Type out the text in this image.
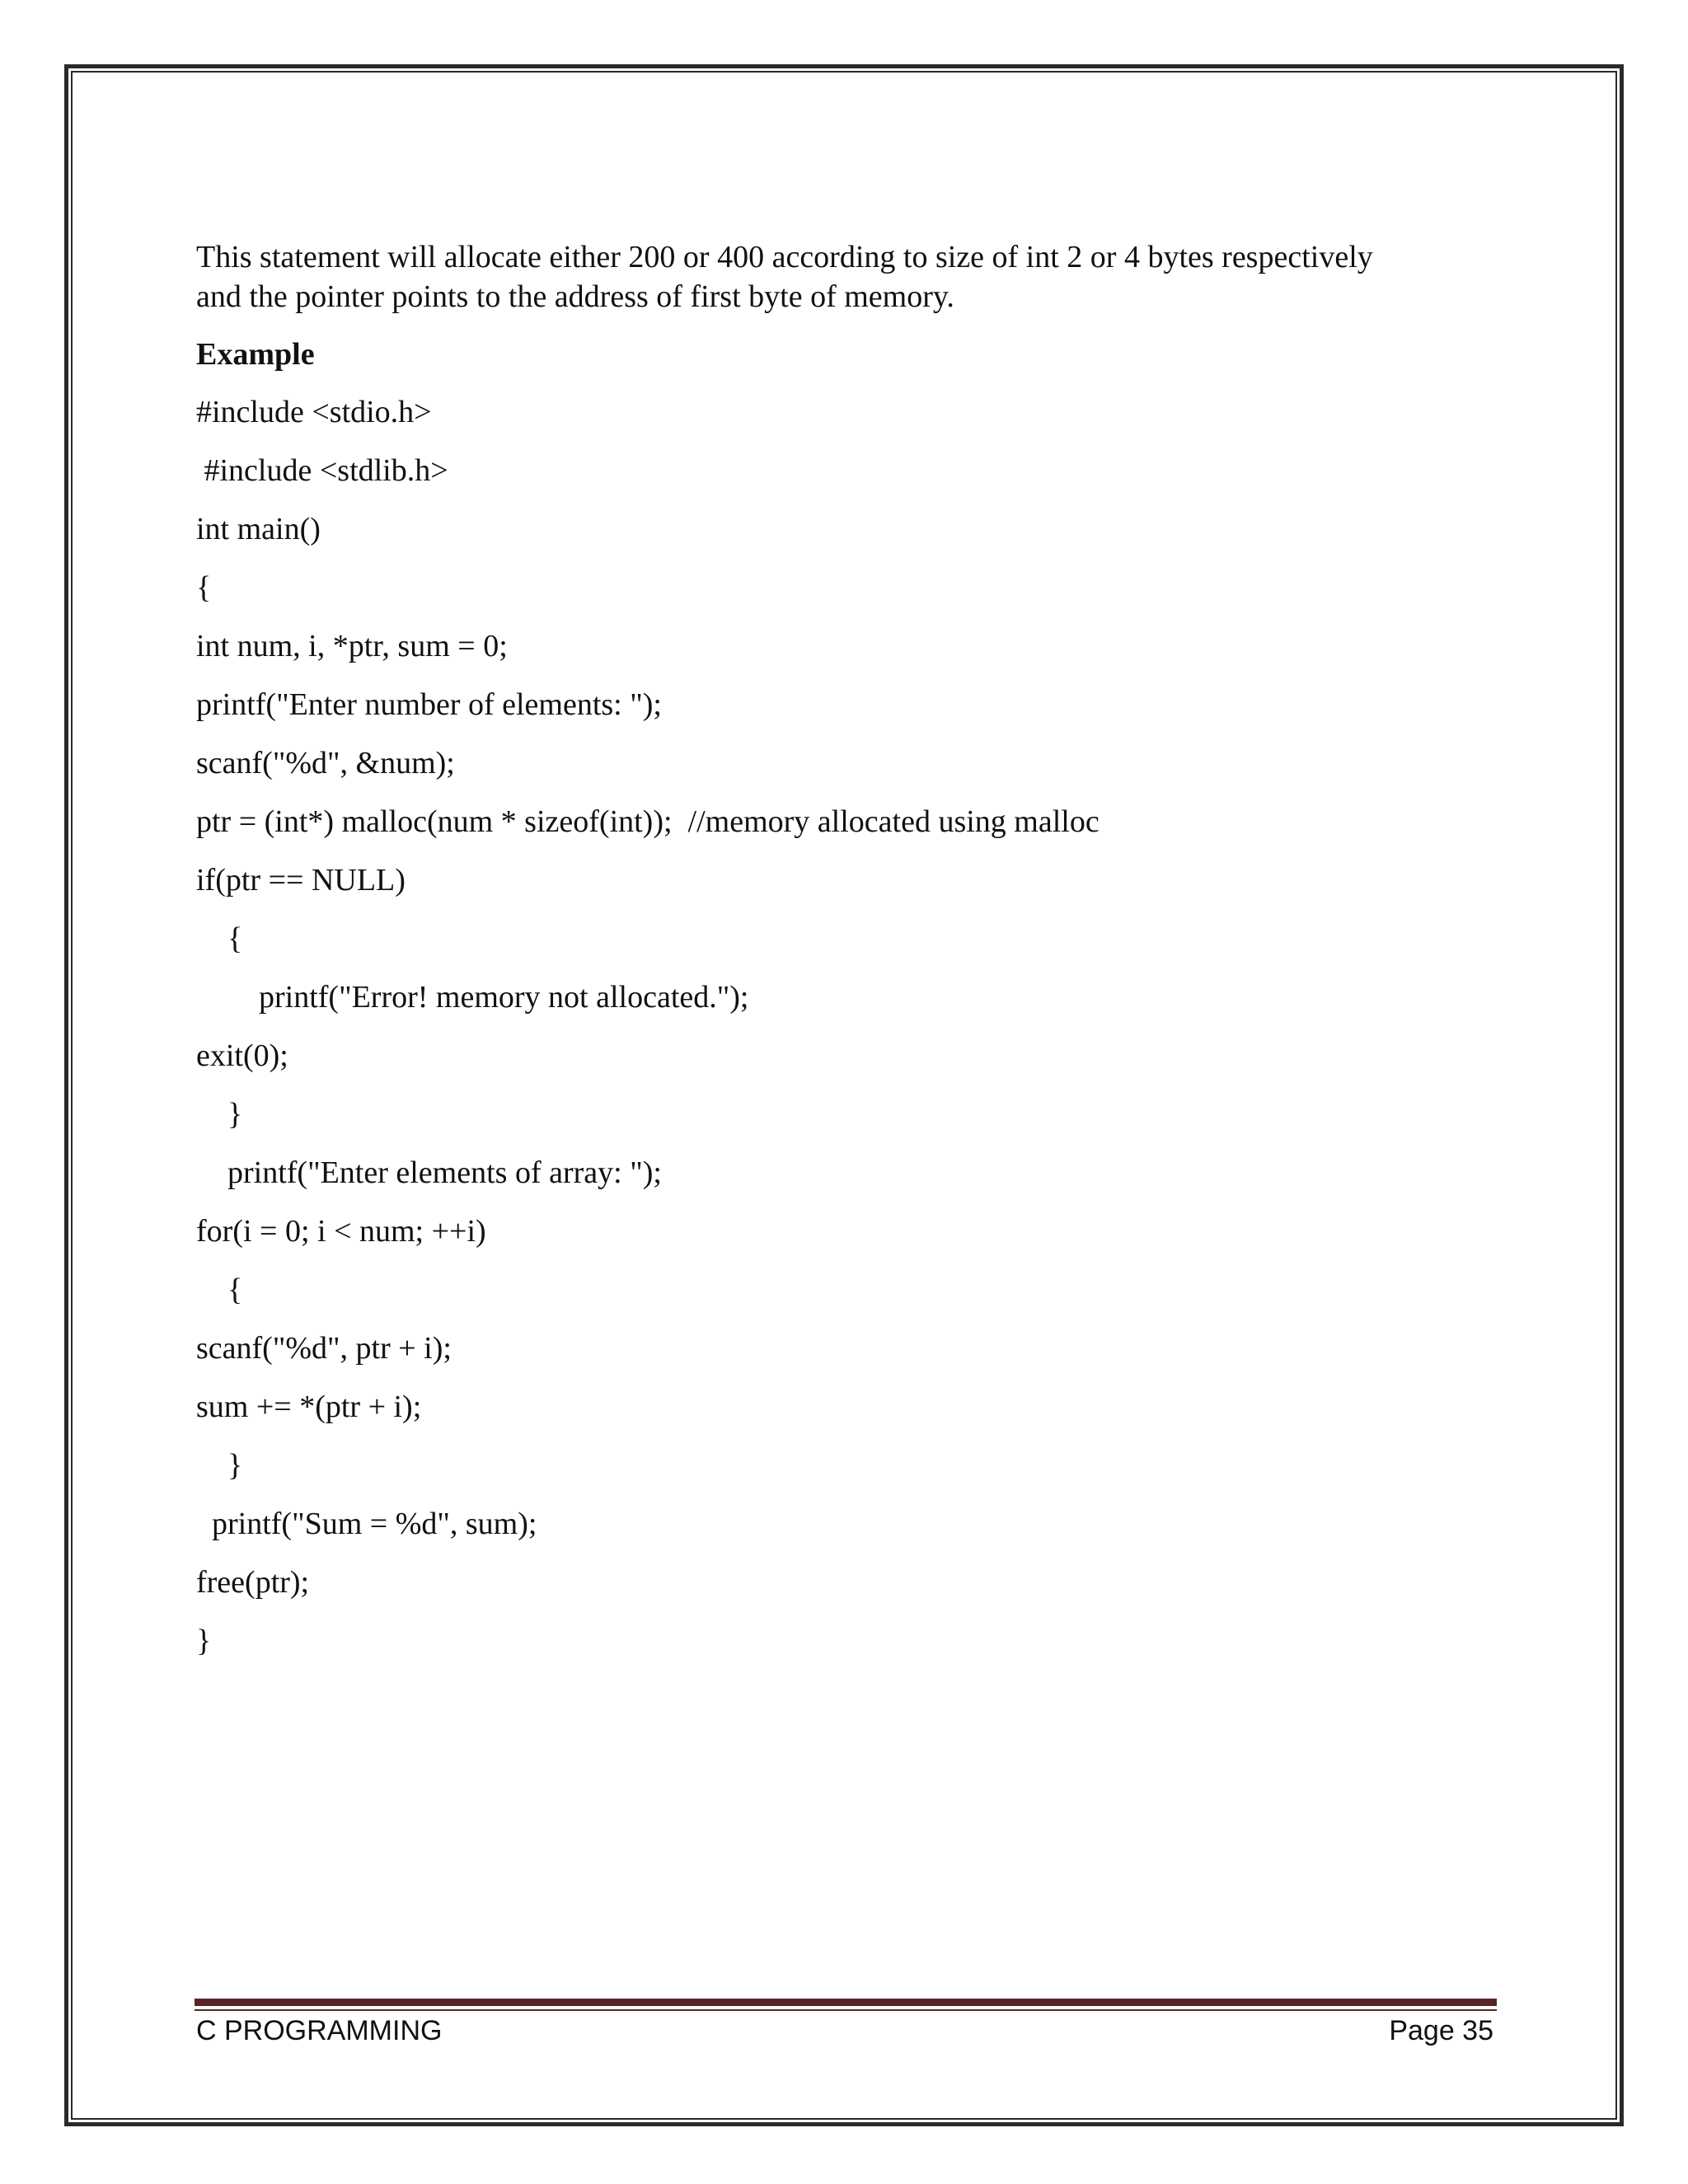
This statement will allocate either 200 or 400 according to size of int 2 or 4 bytes respectively

and the pointer points to the address of first byte of memory.

Example

#include <stdio.h>

#include <stdlib.h>

int main()

{

int num, i, *ptr, sum = 0;

printf("Enter number of elements: ");

scanf("%d", &num);

ptr = (int*) malloc(num * sizeof(int));  //memory allocated using malloc

if(ptr == NULL)

{

printf("Error! memory not allocated.");

exit(0);

}

printf("Enter elements of array: ");

for(i = 0; i < num; ++i)

{

scanf("%d", ptr + i);

sum += *(ptr + i);

}

printf("Sum = %d", sum);

free(ptr);

}

C PROGRAMMING	Page 35
